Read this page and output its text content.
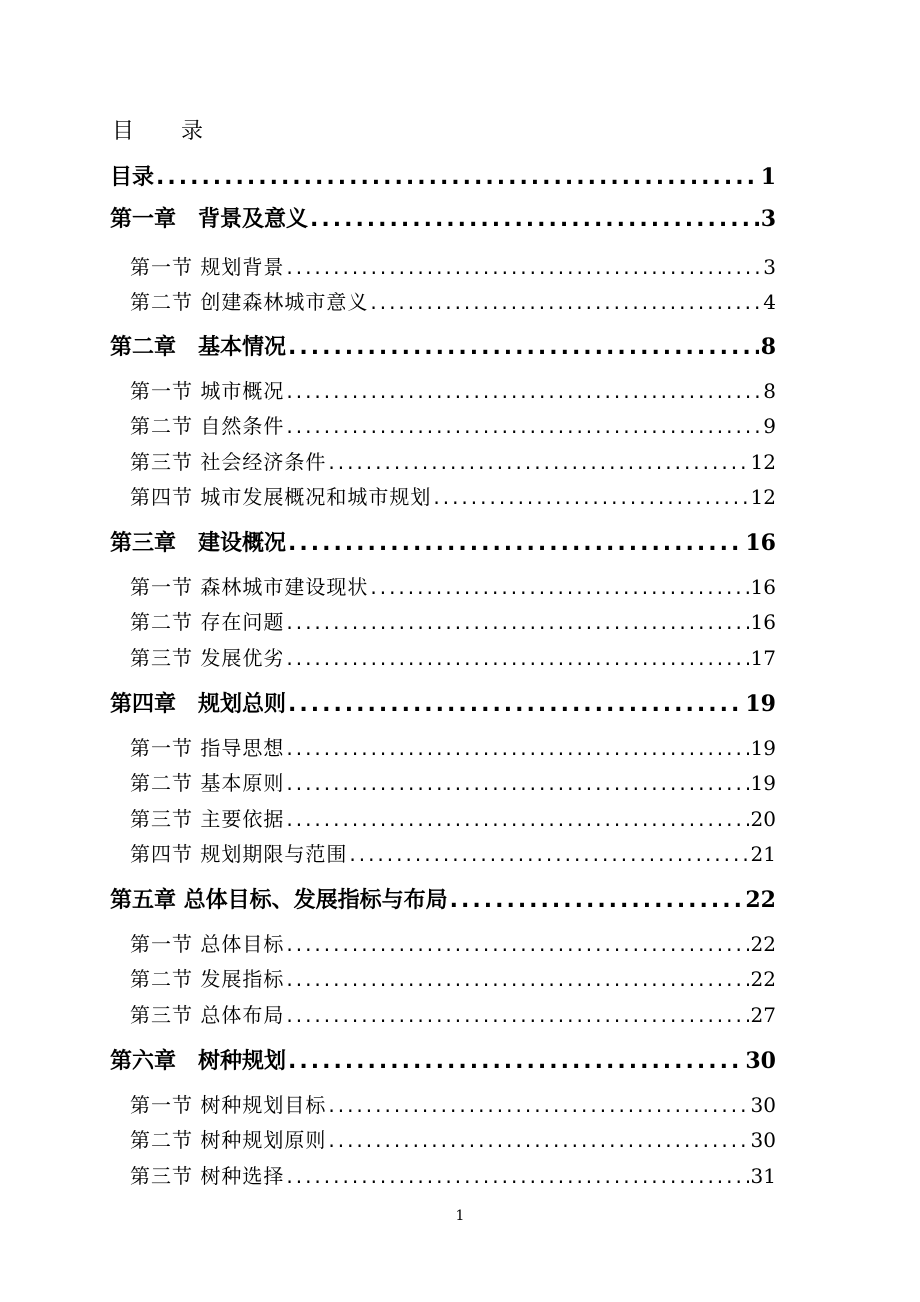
目 录
目录 .....	1
第一章　背景及意义 .....	3
第一节 规划背景 .....	3
第二节 创建森林城市意义 .....	4
第二章　基本情况 .....	8
第一节 城市概况 .....	8
第二节 自然条件 .....	9
第三节 社会经济条件 .....	12
第四节 城市发展概况和城市规划 .....	12
第三章　建设概况 .....	16
第一节 森林城市建设现状 .....	16
第二节 存在问题 .....	16
第三节 发展优劣 .....	17
第四章　规划总则 .....	19
第一节 指导思想 .....	19
第二节 基本原则 .....	19
第三节 主要依据 .....	20
第四节 规划期限与范围 .....	21
第五章 总体目标、发展指标与布局 .....	22
第一节 总体目标 .....	22
第二节 发展指标 .....	22
第三节 总体布局 .....	27
第六章　树种规划 .....	30
第一节 树种规划目标 .....	30
第二节 树种规划原则 .....	30
第三节 树种选择 .....	31
1
